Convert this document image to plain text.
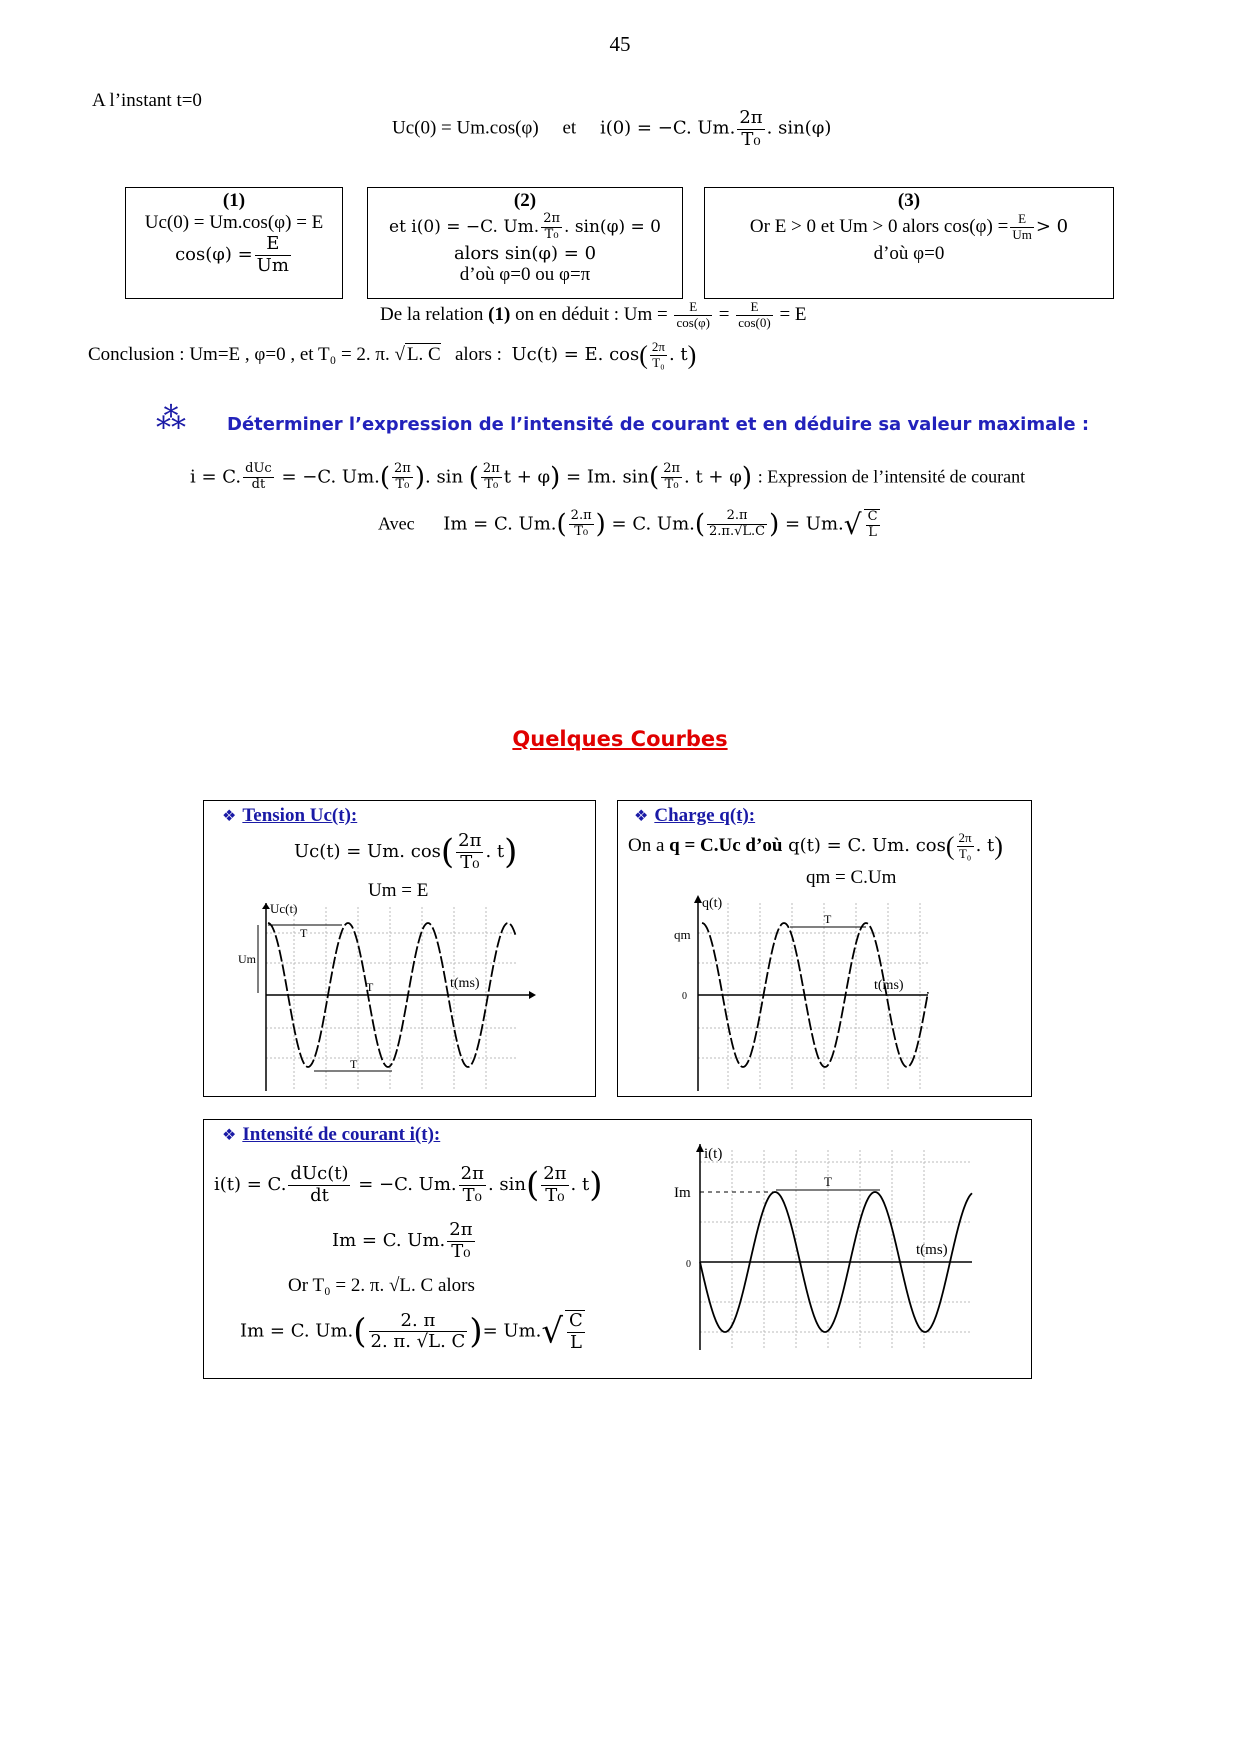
45
A l’instant t=0
Uc(0) = Um.cos(φ) et i(0) = −C. Um. $\frac{2\pi}{\text{T₀}}$ . sin(φ)
(1)
Uc(0) = Um.cos(φ) = E
$\cos(\varphi) = \frac{E}{Um}$
(2)
et i(0) = −C. Um. $\frac{2\pi}{\text{T₀}}$ . sin(φ) = 0
alors sin(φ) = 0
d’où φ=0 ou φ=π
(3)
Or E > 0 et Um > 0 alors $\cos(\varphi) = \frac{E}{Um} > 0$
d’où φ=0
De la relation (1) on en déduit : $Um = \frac{E}{\cos(\varphi)} = \frac{E}{\cos(0)} = E$
Conclusion : Um=E , φ=0 , et T₀ = 2. π. √ L. C alors : Uc(t) = E. $\cos( \frac{2\pi}{\text{T₀}}$ . t)
⁂ Déterminer l’expression de l’intensité de courant et en déduire sa valeur maximale :
i = C. $\frac{\text{dUc}}{dt} = -C$. $Um.( \frac{2\pi}{\text{T₀}}$ ). sin ( $\frac{2\pi}{\text{T₀}}$ t + φ) = Im. $\sin( \frac{2\pi}{\text{T₀}}$ . t + φ) : Expression de l’intensité de courant
Avec Im = C. $Um.( \frac{2.\pi}{\text{T₀}}$ ) = C. $Um.( \frac{2.\pi}{2.\pi.√L.C}$ ) = $Um.√ \frac{C}{L}$
Quelques Courbes
❖ Tension Uc(t):
Uc(t) = Um. $\cos( \frac{2\pi}{\text{T₀}}$ . t)
Um = E
Uc(t)
t(ms)
Um
T
T
T
❖ Charge q(t):
On a q = C.Uc d’où q(t) = C. Um. $\cos( \frac{2\pi}{\text{T₀}}$ . t)
qm = C.Um
q(t)
t(ms)
qm
0
T
❖ Intensité de courant i(t):
i(t) = C. $\frac{\text{dUc(t)}}{dt} = -C$. Um. $\frac{2\pi}{\text{T₀}}$ . $\sin( \frac{2\pi}{\text{T₀}}$ . t)
Im = C. Um. $\frac{2\pi}{\text{T₀}}$
Or T₀ = 2. π. √L. C alors
Im = C. $Um.( \frac{2. \pi}{2. \pi. √L. C}$ )= $Um.√ \frac{C}{L}$
i(t)
t(ms)
Im
0
T
